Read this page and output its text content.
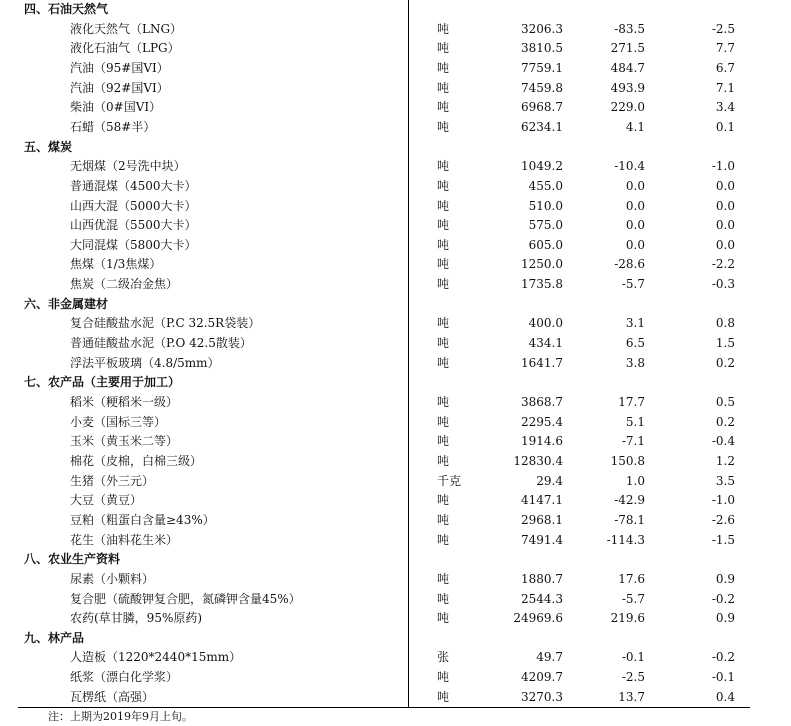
四、石油天然气
液化天然气（LNG）	吨	3206.3	-83.5	-2.5
液化石油气（LPG）	吨	3810.5	271.5	7.7
汽油（95#国VI）	吨	7759.1	484.7	6.7
汽油（92#国VI）	吨	7459.8	493.9	7.1
柴油（0#国VI）	吨	6968.7	229.0	3.4
石蜡（58#半）	吨	6234.1	4.1	0.1
五、煤炭
无烟煤（2号洗中块）	吨	1049.2	-10.4	-1.0
普通混煤（4500大卡）	吨	455.0	0.0	0.0
山西大混（5000大卡）	吨	510.0	0.0	0.0
山西优混（5500大卡）	吨	575.0	0.0	0.0
大同混煤（5800大卡）	吨	605.0	0.0	0.0
焦煤（1/3焦煤）	吨	1250.0	-28.6	-2.2
焦炭（二级冶金焦）	吨	1735.8	-5.7	-0.3
六、非金属建材
复合硅酸盐水泥（P.C 32.5R袋装）	吨	400.0	3.1	0.8
普通硅酸盐水泥（P.O 42.5散装）	吨	434.1	6.5	1.5
浮法平板玻璃（4.8/5mm）	吨	1641.7	3.8	0.2
七、农产品（主要用于加工）
稻米（粳稻米一级）	吨	3868.7	17.7	0.5
小麦（国标三等）	吨	2295.4	5.1	0.2
玉米（黄玉米二等）	吨	1914.6	-7.1	-0.4
棉花（皮棉，白棉三级）	吨	12830.4	150.8	1.2
生猪（外三元）	千克	29.4	1.0	3.5
大豆（黄豆）	吨	4147.1	-42.9	-1.0
豆粕（粗蛋白含量≥43%）	吨	2968.1	-78.1	-2.6
花生（油料花生米）	吨	7491.4	-114.3	-1.5
八、农业生产资料
尿素（小颗料）	吨	1880.7	17.6	0.9
复合肥（硫酸钾复合肥，氮磷钾含量45%）	吨	2544.3	-5.7	-0.2
农药(草甘膦，95%原药)	吨	24969.6	219.6	0.9
九、林产品
人造板（1220*2440*15mm）	张	49.7	-0.1	-0.2
纸浆（漂白化学浆）	吨	4209.7	-2.5	-0.1
瓦楞纸（高强）	吨	3270.3	13.7	0.4
注：上期为2019年9月上旬。
